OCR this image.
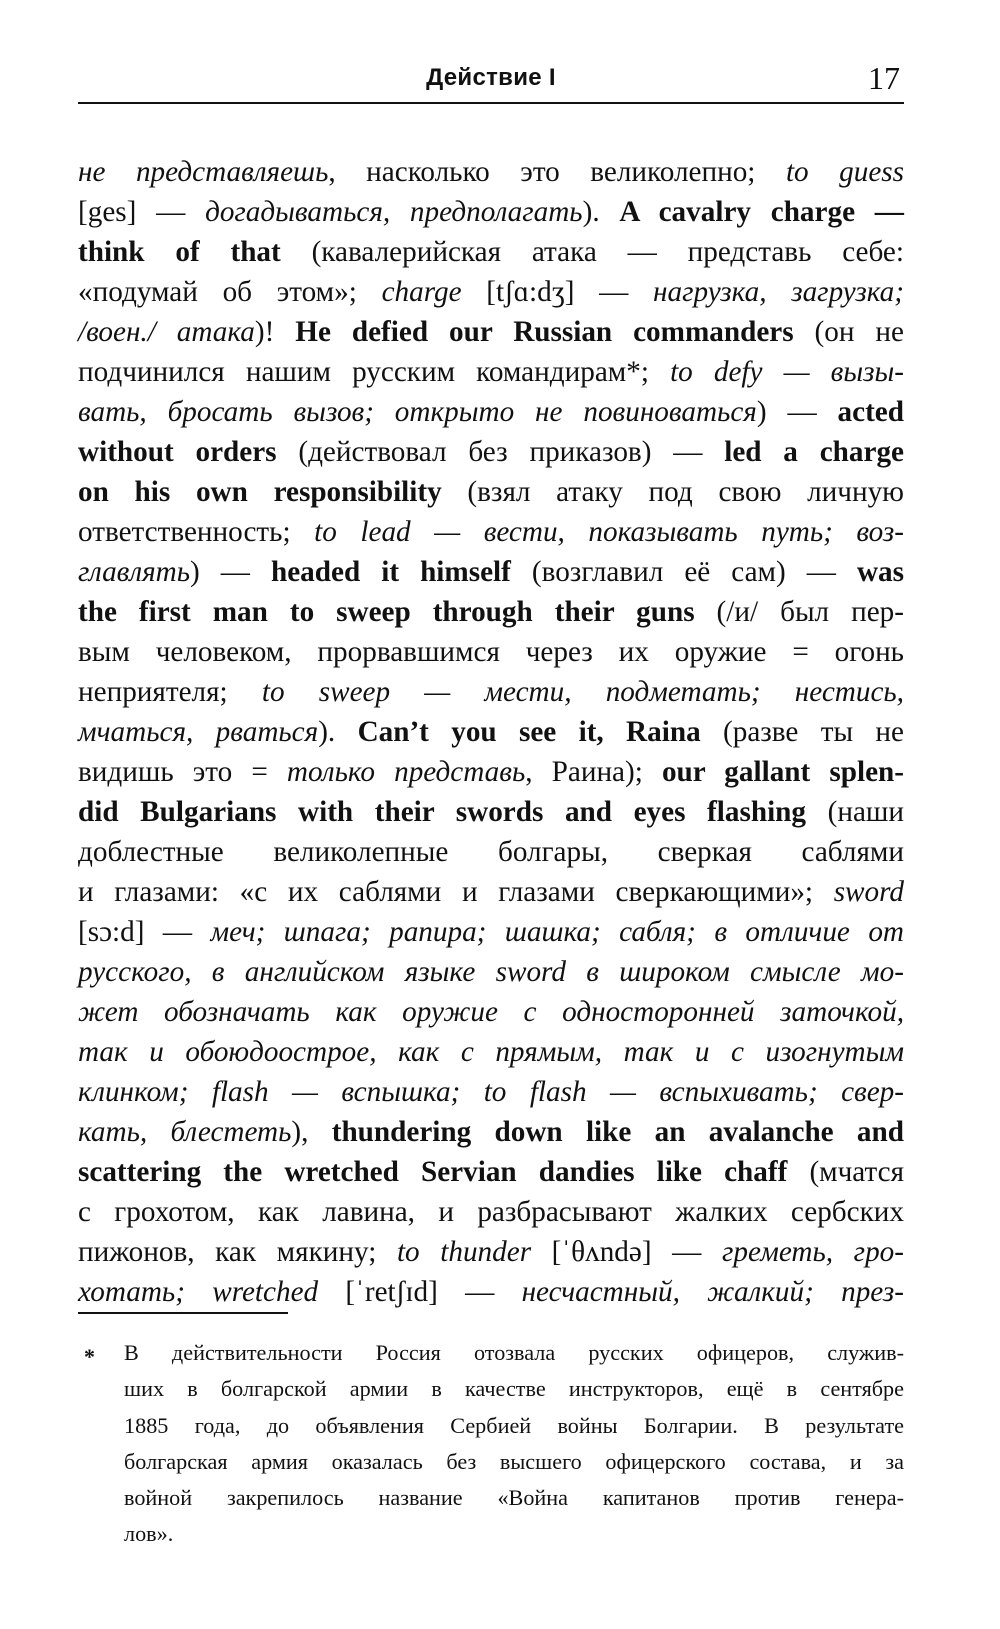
Действие I	17
не представляешь, насколько это великолепно; to guess
[ges] — догадываться, предполагать). A cavalry charge —
think of that (кавалерийская атака — представь себе:
«подумай об этом»; charge [tʃɑ:dʒ] — нагрузка, загрузка;
/воен./ атака)! He defied our Russian commanders (он не
подчинился нашим русским командирам*; to defy — вызы-
вать, бросать вызов; открыто не повиноваться) — acted
without orders (действовал без приказов) — led a charge
on his own responsibility (взял атаку под свою личную
ответственность; to lead — вести, показывать путь; воз-
главлять) — headed it himself (возглавил её сам) — was
the first man to sweep through their guns (/и/ был пер-
вым человеком, прорвавшимся через их оружие = огонь
неприятеля; to sweep — мести, подметать; нестись,
мчаться, рваться). Can’t you see it, Raina (разве ты не
видишь это = только представь, Раина); our gallant splen-
did Bulgarians with their swords and eyes flashing (наши
доблестные великолепные болгары, сверкая саблями
и глазами: «с их саблями и глазами сверкающими»; sword
[sɔ:d] — меч; шпага; рапира; шашка; сабля; в отличие от
русского, в английском языке sword в широком смысле мо-
жет обозначать как оружие с односторонней заточкой,
так и обоюдоострое, как с прямым, так и с изогнутым
клинком; flash — вспышка; to flash — вспыхивать; свер-
кать, блестеть), thundering down like an avalanche and
scattering the wretched Servian dandies like chaff (мчатся
с грохотом, как лавина, и разбрасывают жалких сербских
пижонов, как мякину; to thunder [ˈθʌndə] — греметь, гро-
хотать; wretched [ˈretʃɪd] — несчастный, жалкий; през-
* В действительности Россия отозвала русских офицеров, служив-
ших в болгарской армии в качестве инструкторов, ещё в сентябре
1885 года, до объявления Сербией войны Болгарии. В результате
болгарская армия оказалась без высшего офицерского состава, и за
войной закрепилось название «Война капитанов против генера-
лов».
